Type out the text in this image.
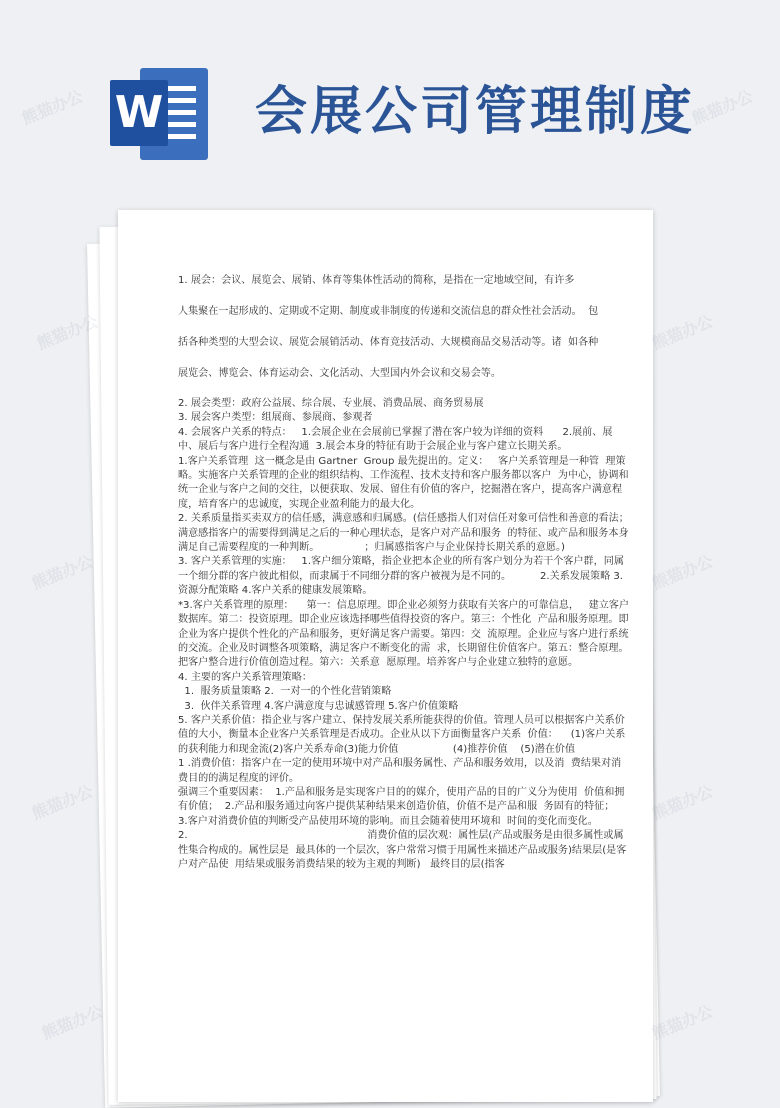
W 会展公司管理制度

1. 展会：会议、展览会、展销、体育等集体性活动的简称，是指在一定地域空间，有许多

人集聚在一起形成的、定期或不定期、制度或非制度的传递和交流信息的群众性社会活动。  包

括各种类型的大型会议、展览会展销活动、体育竞技活动、大规模商品交易活动等。诸  如各种

展览会、博览会、体育运动会、文化活动、大型国内外会议和交易会等。

2. 展会类型：政府公益展、综合展、专业展、消费品展、商务贸易展

3. 展会客户类型：组展商、参展商、参观者

4. 会展客户关系的特点：   1.会展企业在会展前已掌握了潜在客户较为详细的资料      2.展前、展中、展后与客户进行全程沟通  3.展会本身的特征有助于会展企业与客户建立长期关系。

1.客户关系管理  这一概念是由 Gartner  Group 最先提出的。定义：   客户关系管理是一种管  理策略。实施客户关系管理的企业的组织结构、工作流程、技术支持和客户服务都以客户  为中心，协调和统一企业与客户之间的交往，以便获取、发展、留住有价值的客户，挖掘潜在客户，提高客户满意程度，培育客户的忠诚度，实现企业盈利能力的最大化。

2. 关系质量指买卖双方的信任感，满意感和归属感。(信任感指人们对信任对象可信性和善意的看法；满意感指客户的需要得到满足之后的一种心理状态，是客户对产品和服务  的特征、或产品和服务本身满足自己需要程度的一种判断。              ；归属感指客户与企业保持长期关系的意愿。)

3. 客户关系管理的实施：   1.客户细分策略，指企业把本企业的所有客户划分为若干个客户群，同属一个细分群的客户彼此相似，而隶属于不同细分群的客户被视为是不同的。         2.关系发展策略 3.资源分配策略 4.客户关系的健康发展策略。

*3.客户关系管理的原理：    第一：信息原理。即企业必须努力获取有关客户的可靠信息，   建立客户数据库。第二：投资原理。即企业应该选择哪些值得投资的客户。第三：个性化  产品和服务原理。即企业为客户提供个性化的产品和服务，更好满足客户需要。第四：交  流原理。企业应与客户进行系统的交流。企业及时调整各项策略，满足客户不断变化的需  求，长期留住价值客户。第五：整合原理。把客户整合进行价值创造过程。第六：关系意  愿原理。培养客户与企业建立独特的意愿。

4. 主要的客户关系管理策略：

1.  服务质量策略 2.  一对一的个性化营销策略

3.  伙伴关系管理 4.客户满意度与忠诚感管理 5.客户价值策略

5. 客户关系价值：指企业与客户建立、保持发展关系所能获得的价值。管理人员可以根据客户关系价值的大小，衡量本企业客户关系管理是否成功。企业从以下方面衡量客户关系  价值：    (1)客户关系的获利能力和现金流(2)客户关系寿命(3)能力价值                 (4)推荐价值    (5)潜在价值

1 .消费价值：指客户在一定的使用环境中对产品和服务属性、产品和服务效用，以及消  费结果对消费目的的满足程度的评价。

强调三个重要因素：  1.产品和服务是实现客户目的的媒介，使用产品的目的广义分为使用  价值和拥有价值；  2.产品和服务通过向客户提供某种结果来创造价值，价值不是产品和服  务固有的特征；  3.客户对消费价值的判断受产品使用环境的影响。而且会随着使用环境和  时间的变化而变化。

2.                                                        消费价值的层次观：属性层(产品或服务是由很多属性或属性集合构成的。属性层是  最具体的一个层次，客户常常习惯于用属性来描述产品或服务)结果层(是客户对产品使  用结果或服务消费结果的较为主观的判断)   最终目的层(指客

熊猫办公	熊猫办公
熊猫办公	熊猫办公
熊猫办公	熊猫办公
熊猫办公	熊猫办公
熊猫办公	熊猫办公
